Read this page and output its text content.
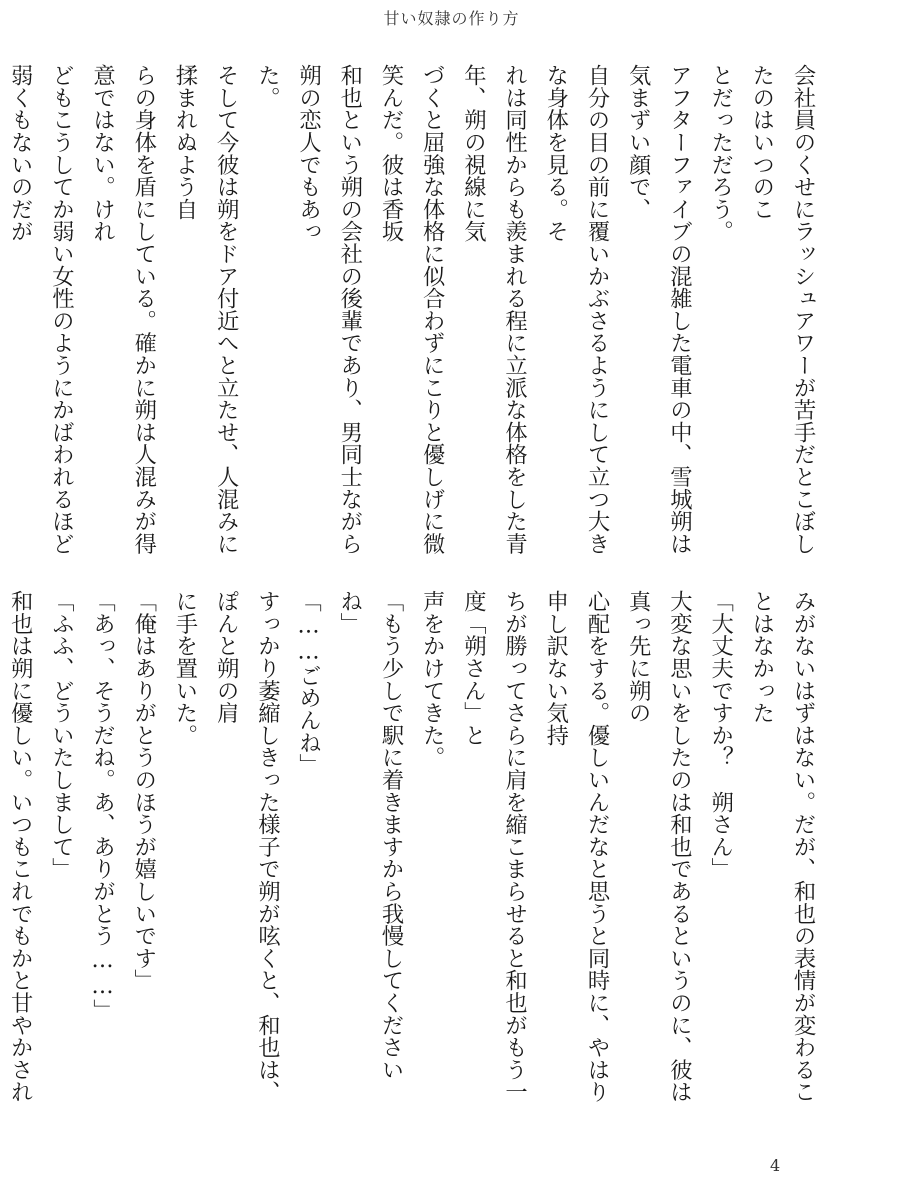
甘い奴隷の作り方

会社員のくせにラッシュアワーが苦手だとこぼしたのはいつのこ

とだっただろう。

アフターファイブの混雑した電車の中、雪城朔は気まずい顔で、

自分の目の前に覆いかぶさるようにして立つ大きな身体を見る。そ

れは同性からも羨まれる程に立派な体格をした青年、朔の視線に気

づくと屈強な体格に似合わずにこりと優しげに微笑んだ。彼は香坂

和也という朔の会社の後輩であり、男同士ながら朔の恋人でもあっ

た。

そして今彼は朔をドア付近へと立たせ、人混みに揉まれぬよう自

らの身体を盾にしている。確かに朔は人混みが得意ではない。けれ

どもこうしてか弱い女性のようにかばわれるほど弱くもないのだが

みがないはずはない。だが、和也の表情が変わることはなかった

「大丈夫ですか？　朔さん」

大変な思いをしたのは和也であるというのに、彼は真っ先に朔の

心配をする。優しいんだなと思うと同時に、やはり申し訳ない気持

ちが勝ってさらに肩を縮こまらせると和也がもう一度「朔さん」と

声をかけてきた。

「もう少しで駅に着きますから我慢してくださいね」

「……ごめんね」

すっかり萎縮しきった様子で朔が呟くと、和也は、ぽんと朔の肩

に手を置いた。

「俺はありがとうのほうが嬉しいです」

「あっ、そうだね。あ、ありがとう……」

「ふふ、どういたしまして」

和也は朔に優しい。いつもこれでもかと甘やかされ

4
